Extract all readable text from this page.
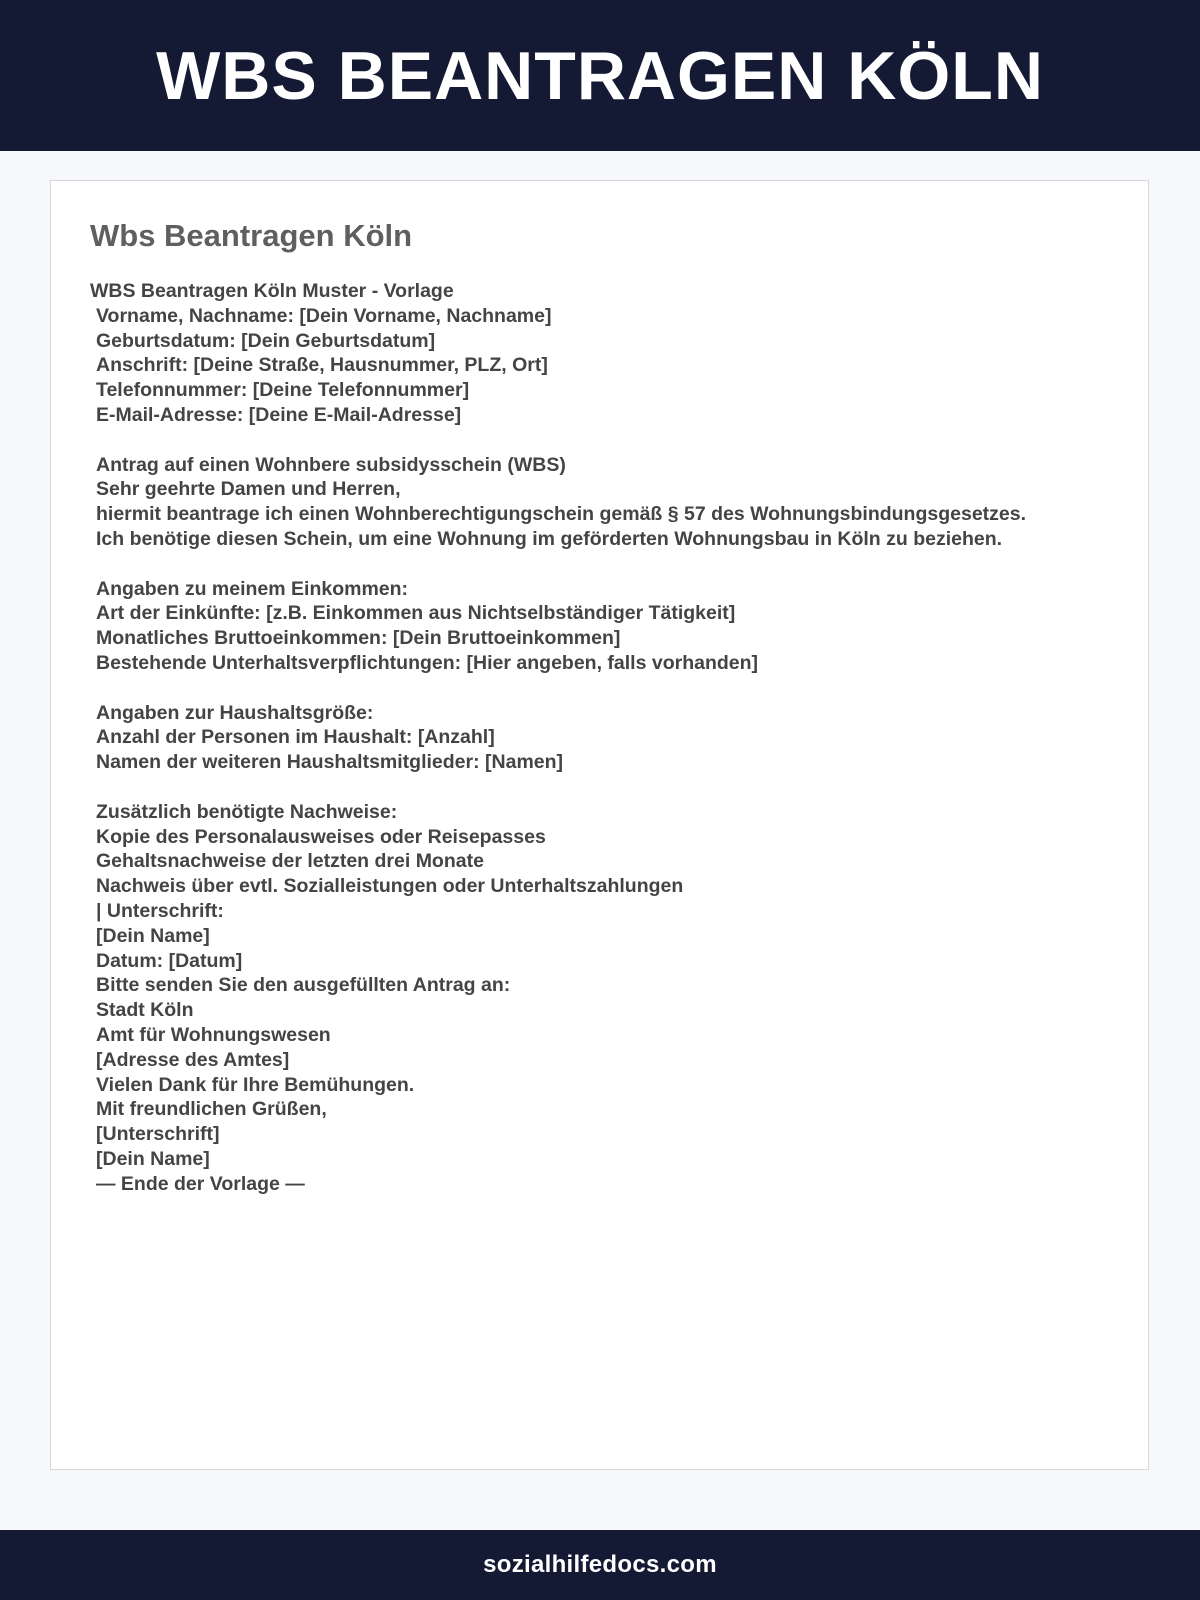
WBS BEANTRAGEN KÖLN
Wbs Beantragen Köln
WBS Beantragen Köln Muster - Vorlage
Vorname, Nachname: [Dein Vorname, Nachname]
Geburtsdatum: [Dein Geburtsdatum]
Anschrift: [Deine Straße, Hausnummer, PLZ, Ort]
Telefonnummer: [Deine Telefonnummer]
E-Mail-Adresse: [Deine E-Mail-Adresse]
Antrag auf einen Wohnbere subsidysschein (WBS)
Sehr geehrte Damen und Herren,
hiermit beantrage ich einen Wohnberechtigungschein gemäß § 57 des Wohnungsbindungsgesetzes.
Ich benötige diesen Schein, um eine Wohnung im geförderten Wohnungsbau in Köln zu beziehen.
Angaben zu meinem Einkommen:
Art der Einkünfte: [z.B. Einkommen aus Nichtselbständiger Tätigkeit]
Monatliches Bruttoeinkommen: [Dein Bruttoeinkommen]
Bestehende Unterhaltsverpflichtungen: [Hier angeben, falls vorhanden]
Angaben zur Haushaltsgröße:
Anzahl der Personen im Haushalt: [Anzahl]
Namen der weiteren Haushaltsmitglieder: [Namen]
Zusätzlich benötigte Nachweise:
Kopie des Personalausweises oder Reisepasses
Gehaltsnachweise der letzten drei Monate
Nachweis über evtl. Sozialleistungen oder Unterhaltszahlungen
| Unterschrift:
[Dein Name]
Datum: [Datum]
Bitte senden Sie den ausgefüllten Antrag an:
Stadt Köln
Amt für Wohnungswesen
[Adresse des Amtes]
Vielen Dank für Ihre Bemühungen.
Mit freundlichen Grüßen,
[Unterschrift]
[Dein Name]
— Ende der Vorlage —
sozialhilfedocs.com
